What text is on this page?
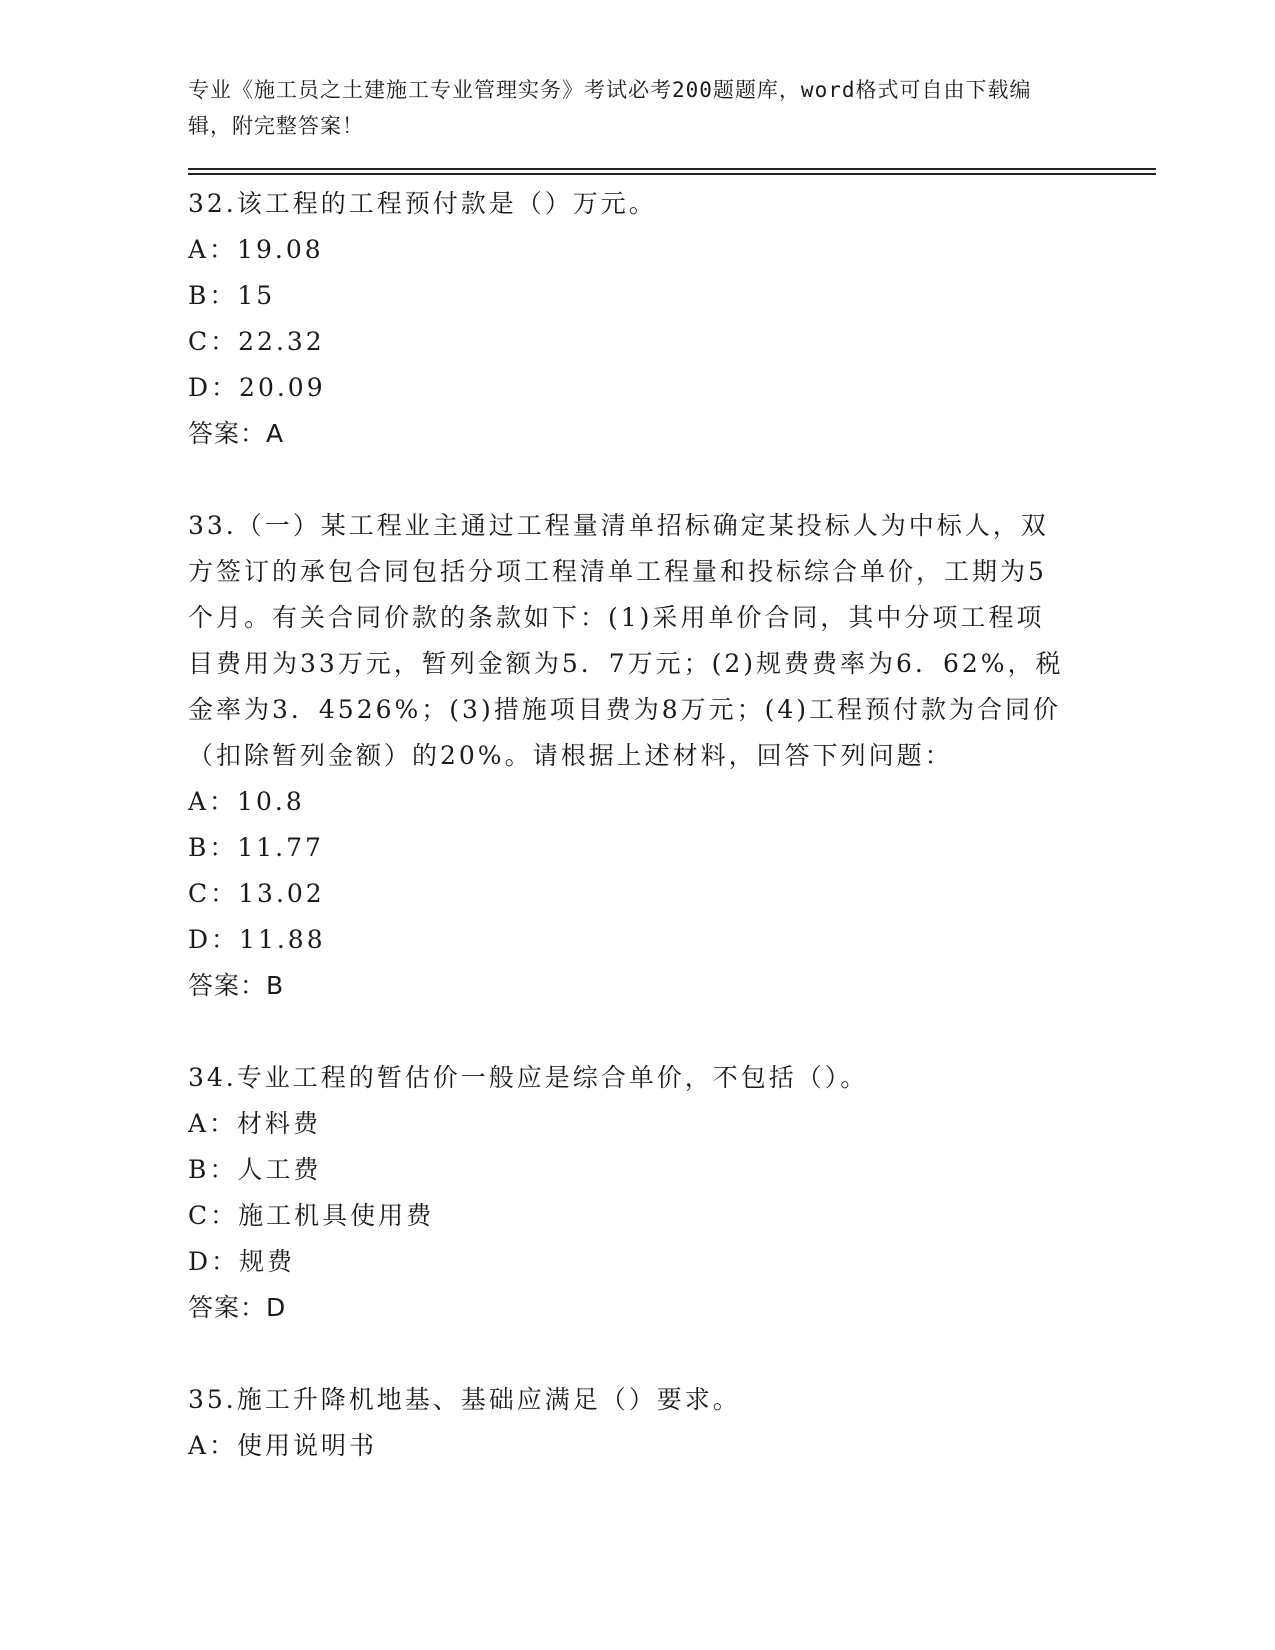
专业《施工员之土建施工专业管理实务》考试必考200题题库，word格式可自由下载编辑，附完整答案！
32.该工程的工程预付款是（）万元。
A：19.08
B：15
C：22.32
D：20.09
答案：A
33.（一）某工程业主通过工程量清单招标确定某投标人为中标人，双方签订的承包合同包括分项工程清单工程量和投标综合单价，工期为5个月。有关合同价款的条款如下：(1)采用单价合同，其中分项工程项目费用为33万元，暂列金额为5．7万元；(2)规费费率为6．62%，税金率为3．4526%；(3)措施项目费为8万元；(4)工程预付款为合同价（扣除暂列金额）的20%。请根据上述材料，回答下列问题：
A：10.8
B：11.77
C：13.02
D：11.88
答案：B
34.专业工程的暂估价一般应是综合单价，不包括（）。
A：材料费
B：人工费
C：施工机具使用费
D：规费
答案：D
35.施工升降机地基、基础应满足（）要求。
A：使用说明书
